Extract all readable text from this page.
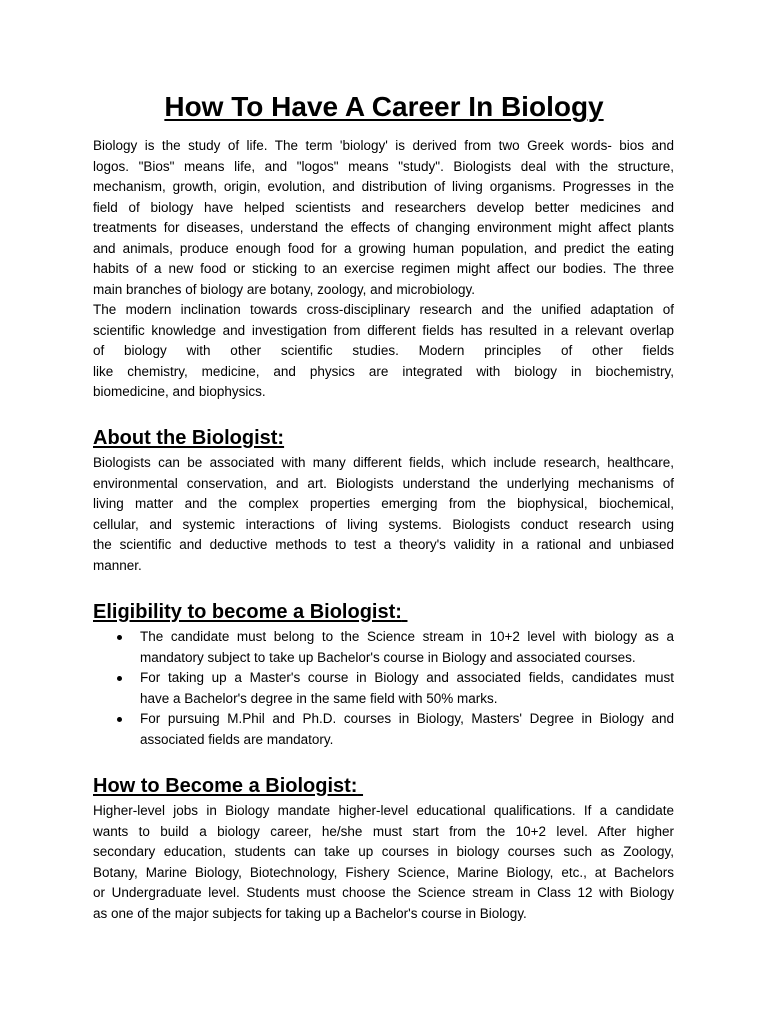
How To Have A Career In Biology
Biology is the study of life. The term 'biology' is derived from two Greek words- bios and
logos. "Bios" means life, and "logos" means "study". Biologists deal with the structure,
mechanism, growth, origin, evolution, and distribution of living organisms. Progresses in the
field of biology have helped scientists and researchers develop better medicines and
treatments for diseases, understand the effects of changing environment might affect plants
and animals, produce enough food for a growing human population, and predict the eating
habits of a new food or sticking to an exercise regimen might affect our bodies. The three
main branches of biology are botany, zoology, and microbiology.
The modern inclination towards cross-disciplinary research and the unified adaptation of
scientific knowledge and investigation from different fields has resulted in a relevant overlap
of biology with other scientific studies. Modern principles of other fields
like chemistry, medicine, and physics are integrated with biology in biochemistry,
biomedicine, and biophysics.
About the Biologist:
Biologists can be associated with many different fields, which include research, healthcare,
environmental conservation, and art. Biologists understand the underlying mechanisms of
living matter and the complex properties emerging from the biophysical, biochemical,
cellular, and systemic interactions of living systems. Biologists conduct research using
the scientific and deductive methods to test a theory's validity in a rational and unbiased
manner.
Eligibility to become a Biologist:
The candidate must belong to the Science stream in 10+2 level with biology as a
mandatory subject to take up Bachelor's course in Biology and associated courses.
For taking up a Master's course in Biology and associated fields, candidates must
have a Bachelor's degree in the same field with 50% marks.
For pursuing M.Phil and Ph.D. courses in Biology, Masters' Degree in Biology and
associated fields are mandatory.
How to Become a Biologist:
Higher-level jobs in Biology mandate higher-level educational qualifications. If a candidate
wants to build a biology career, he/she must start from the 10+2 level. After higher
secondary education, students can take up courses in biology courses such as Zoology,
Botany, Marine Biology, Biotechnology, Fishery Science, Marine Biology, etc., at Bachelors
or Undergraduate level. Students must choose the Science stream in Class 12 with Biology
as one of the major subjects for taking up a Bachelor's course in Biology.
